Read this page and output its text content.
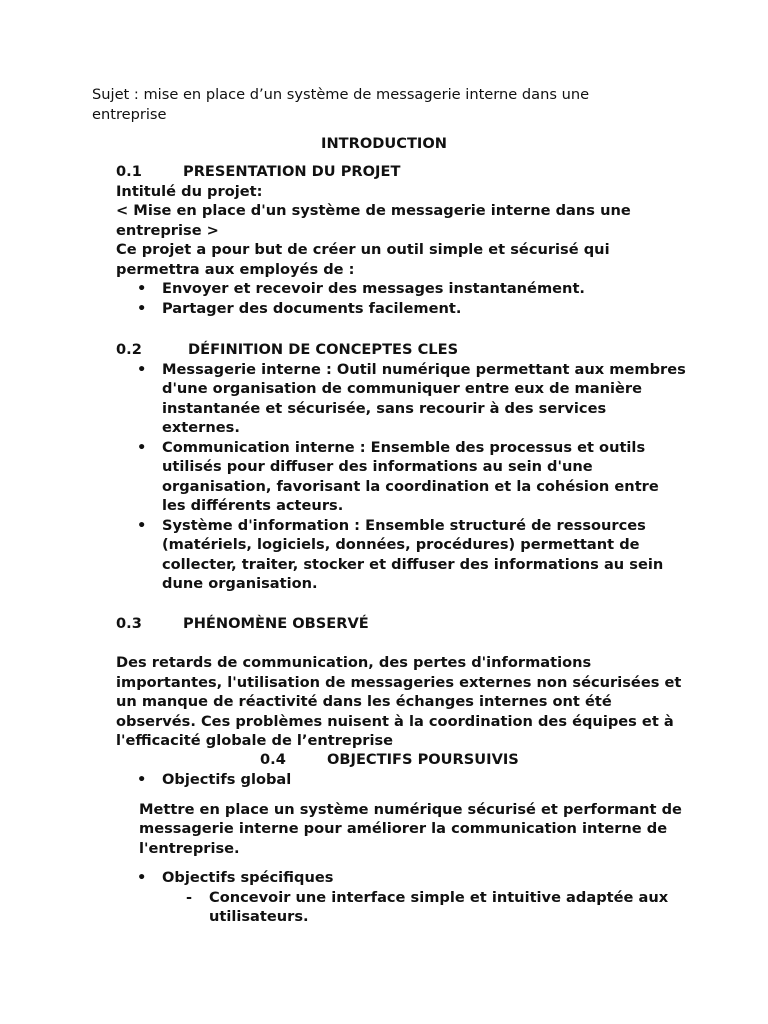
Sujet : mise en place d’un système de messagerie interne dans une entreprise
INTRODUCTION
0.1	PRESENTATION DU PROJET
Intitulé du projet:
< Mise en place d'un système de messagerie interne dans une entreprise >
Ce projet a pour but de créer un outil simple et sécurisé qui permettra aux employés de :
• Envoyer et recevoir des messages instantanément.
• Partager des documents facilement.
0.2	DÉFINITION DE CONCEPTES CLES
• Messagerie interne : Outil numérique permettant aux membres d'une organisation de communiquer entre eux de manière instantanée et sécurisée, sans recourir à des services externes.
• Communication interne : Ensemble des processus et outils utilisés pour diffuser des informations au sein d'une organisation, favorisant la coordination et la cohésion entre les différents acteurs.
• Système d'information : Ensemble structuré de ressources (matériels, logiciels, données, procédures) permettant de collecter, traiter, stocker et diffuser des informations au sein dune organisation.
0.3	PHÉNOMÈNE OBSERVÉ
Des retards de communication, des pertes d'informations importantes, l'utilisation de messageries externes non sécurisées et un manque de réactivité dans les échanges internes ont été observés. Ces problèmes nuisent à la coordination des équipes et à l'efficacité globale de l’entreprise
0.4	OBJECTIFS POURSUIVIS
• Objectifs global
Mettre en place un système numérique sécurisé et performant de messagerie interne pour améliorer la communication interne de l'entreprise.
• Objectifs spécifiques
- Concevoir une interface simple et intuitive adaptée aux utilisateurs.
